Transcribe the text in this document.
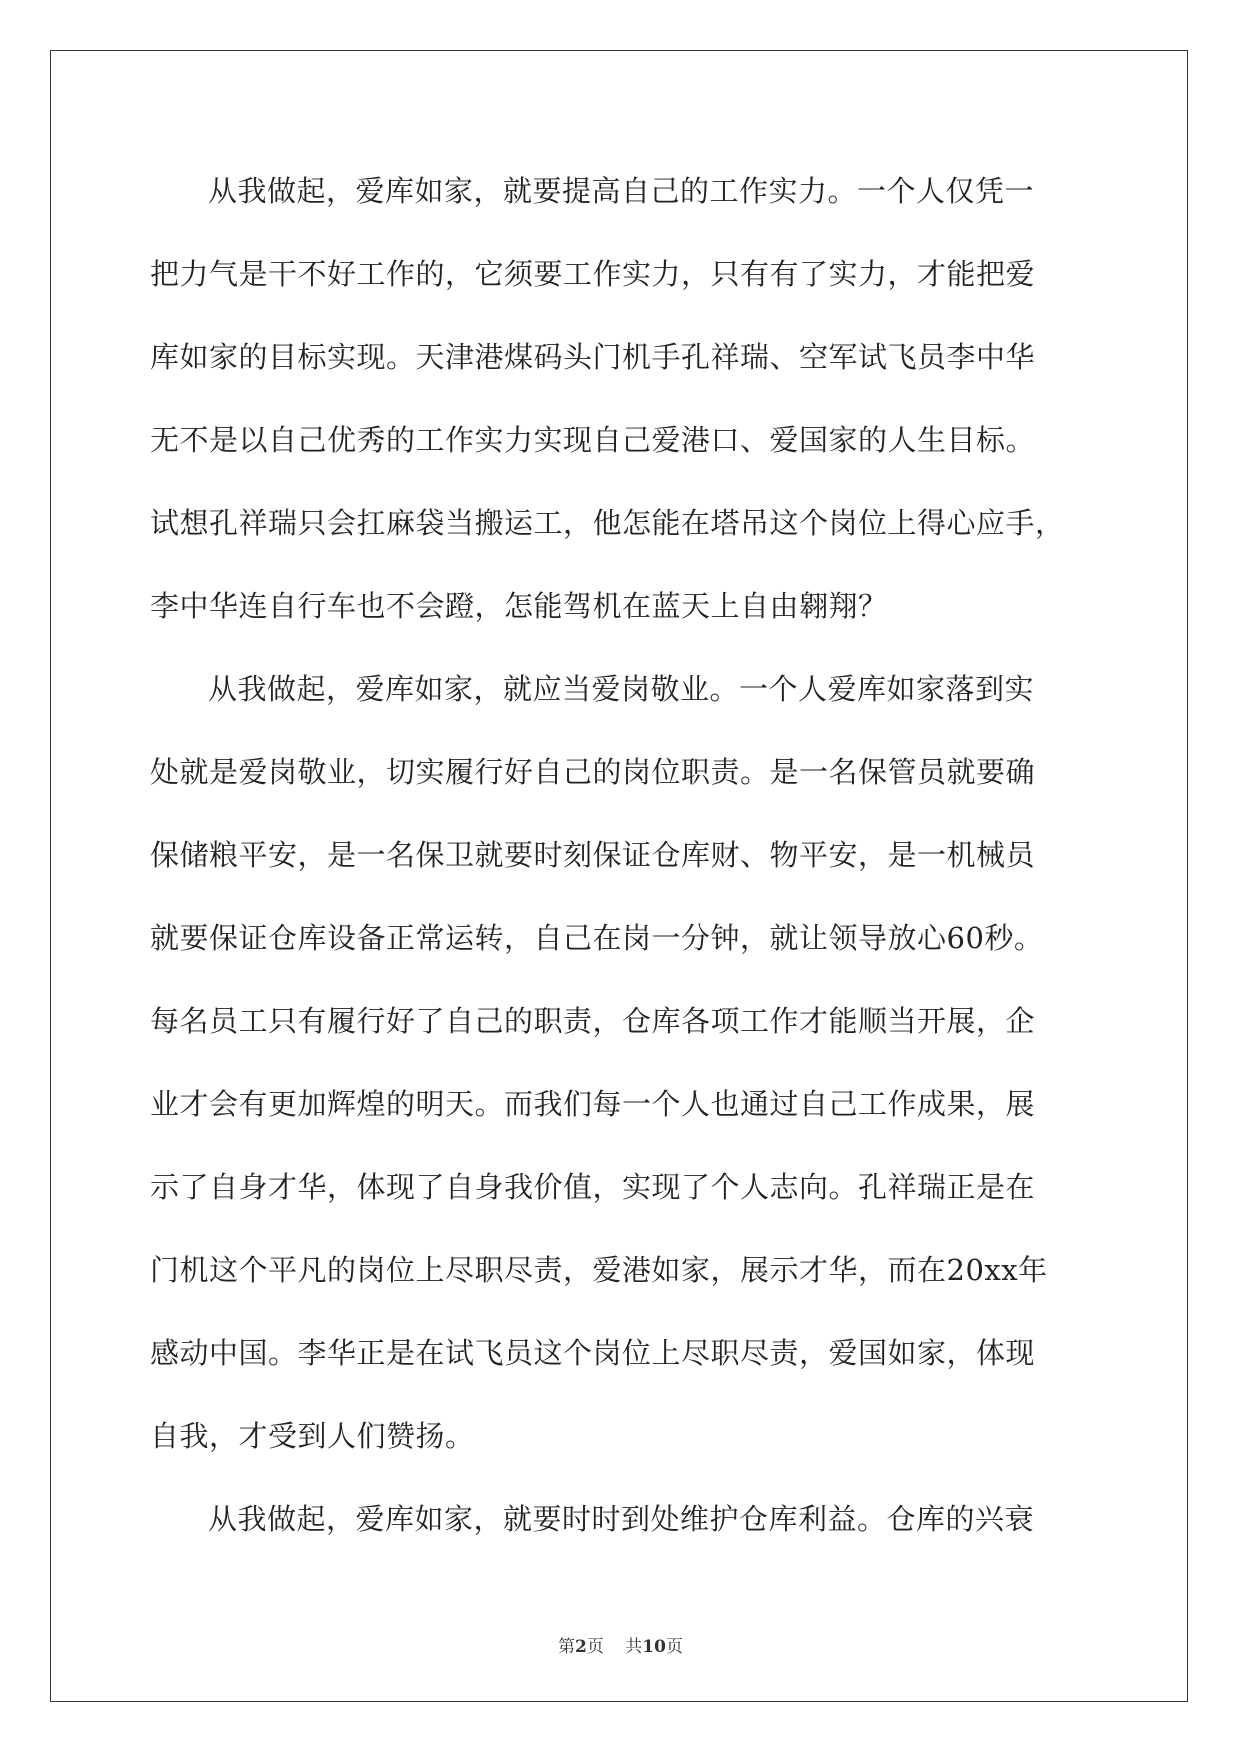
从我做起，爱库如家，就要提高自己的工作实力。一个人仅凭一
把力气是干不好工作的，它须要工作实力，只有有了实力，才能把爱
库如家的目标实现。天津港煤码头门机手孔祥瑞、空军试飞员李中华
无不是以自己优秀的工作实力实现自己爱港口、爱国家的人生目标。
试想孔祥瑞只会扛麻袋当搬运工，他怎能在塔吊这个岗位上得心应手，
李中华连自行车也不会蹬，怎能驾机在蓝天上自由翱翔？
从我做起，爱库如家，就应当爱岗敬业。一个人爱库如家落到实
处就是爱岗敬业，切实履行好自己的岗位职责。是一名保管员就要确
保储粮平安，是一名保卫就要时刻保证仓库财、物平安，是一机械员
就要保证仓库设备正常运转，自己在岗一分钟，就让领导放心60秒。
每名员工只有履行好了自己的职责，仓库各项工作才能顺当开展，企
业才会有更加辉煌的明天。而我们每一个人也通过自己工作成果，展
示了自身才华，体现了自身我价值，实现了个人志向。孔祥瑞正是在
门机这个平凡的岗位上尽职尽责，爱港如家，展示才华，而在20xx年
感动中国。李华正是在试飞员这个岗位上尽职尽责，爱国如家，体现
自我，才受到人们赞扬。
从我做起，爱库如家，就要时时到处维护仓库利益。仓库的兴衰
第2页 共10页
